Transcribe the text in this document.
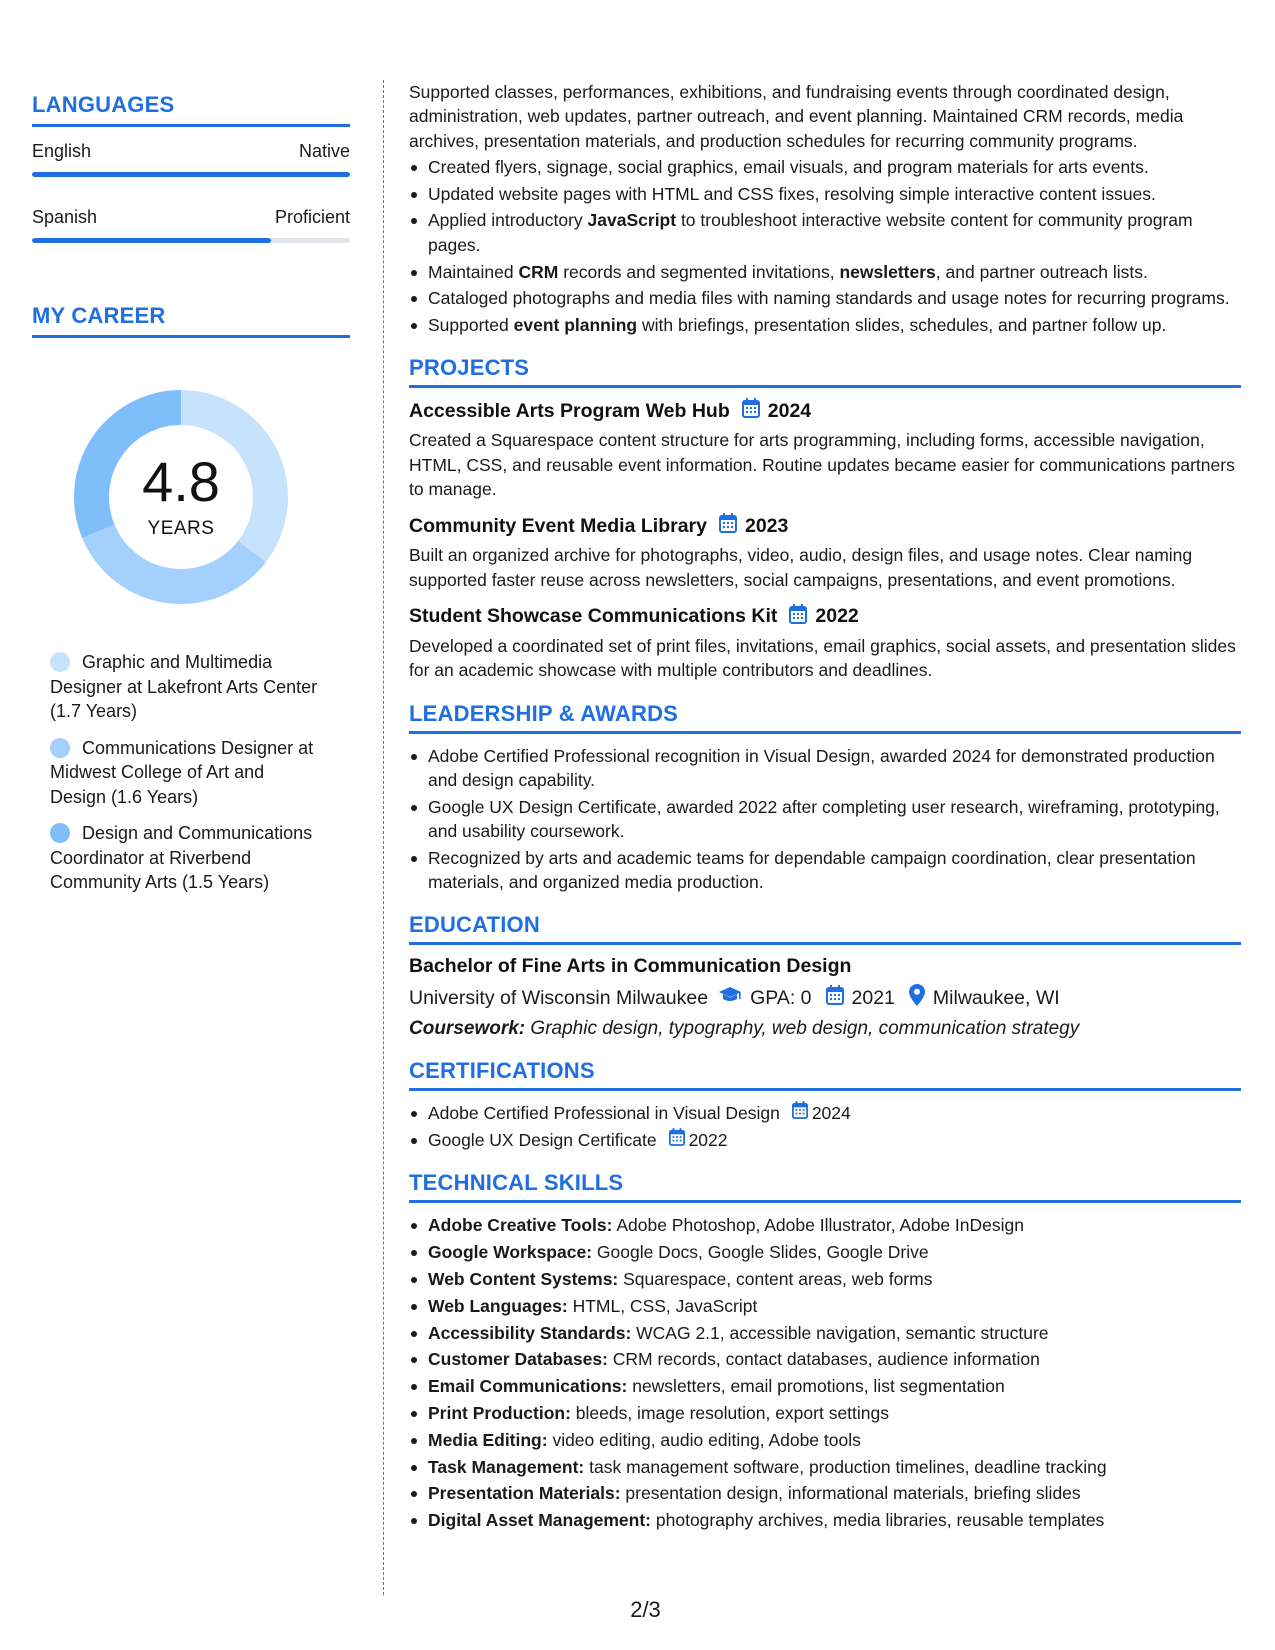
LANGUAGES
English	Native
Spanish	Proficient
MY CAREER
4.8
YEARS
Graphic and Multimedia Designer at Lakefront Arts Center (1.7 Years)
Communications Designer at Midwest College of Art and Design (1.6 Years)
Design and Communications Coordinator at Riverbend Community Arts (1.5 Years)

Supported classes, performances, exhibitions, and fundraising events through coordinated design, administration, web updates, partner outreach, and event planning. Maintained CRM records, media archives, presentation materials, and production schedules for recurring community programs.

Created flyers, signage, social graphics, email visuals, and program materials for arts events.
Updated website pages with HTML and CSS fixes, resolving simple interactive content issues.
Applied introductory JavaScript to troubleshoot interactive website content for community program pages.
Maintained CRM records and segmented invitations, newsletters, and partner outreach lists.
Cataloged photographs and media files with naming standards and usage notes for recurring programs.
Supported event planning with briefings, presentation slides, schedules, and partner follow up.
PROJECTS
Accessible Arts Program Web Hub 2024

Created a Squarespace content structure for arts programming, including forms, accessible navigation, HTML, CSS, and reusable event information. Routine updates became easier for communications partners to manage.

Community Event Media Library 2023

Built an organized archive for photographs, video, audio, design files, and usage notes. Clear naming supported faster reuse across newsletters, social campaigns, presentations, and event promotions.

Student Showcase Communications Kit 2022

Developed a coordinated set of print files, invitations, email graphics, social assets, and presentation slides for an academic showcase with multiple contributors and deadlines.

LEADERSHIP & AWARDS
Adobe Certified Professional recognition in Visual Design, awarded 2024 for demonstrated production and design capability.
Google UX Design Certificate, awarded 2022 after completing user research, wireframing, prototyping, and usability coursework.
Recognized by arts and academic teams for dependable campaign coordination, clear presentation materials, and organized media production.
EDUCATION
Bachelor of Fine Arts in Communication Design
University of Wisconsin Milwaukee GPA: 0 2021 Milwaukee, WI
Coursework: Graphic design, typography, web design, communication strategy
CERTIFICATIONS
Adobe Certified Professional in Visual Design 2024
Google UX Design Certificate 2022
TECHNICAL SKILLS
Adobe Creative Tools: Adobe Photoshop, Adobe Illustrator, Adobe InDesign
Google Workspace: Google Docs, Google Slides, Google Drive
Web Content Systems: Squarespace, content areas, web forms
Web Languages: HTML, CSS, JavaScript
Accessibility Standards: WCAG 2.1, accessible navigation, semantic structure
Customer Databases: CRM records, contact databases, audience information
Email Communications: newsletters, email promotions, list segmentation
Print Production: bleeds, image resolution, export settings
Media Editing: video editing, audio editing, Adobe tools
Task Management: task management software, production timelines, deadline tracking
Presentation Materials: presentation design, informational materials, briefing slides
Digital Asset Management: photography archives, media libraries, reusable templates
2/3
